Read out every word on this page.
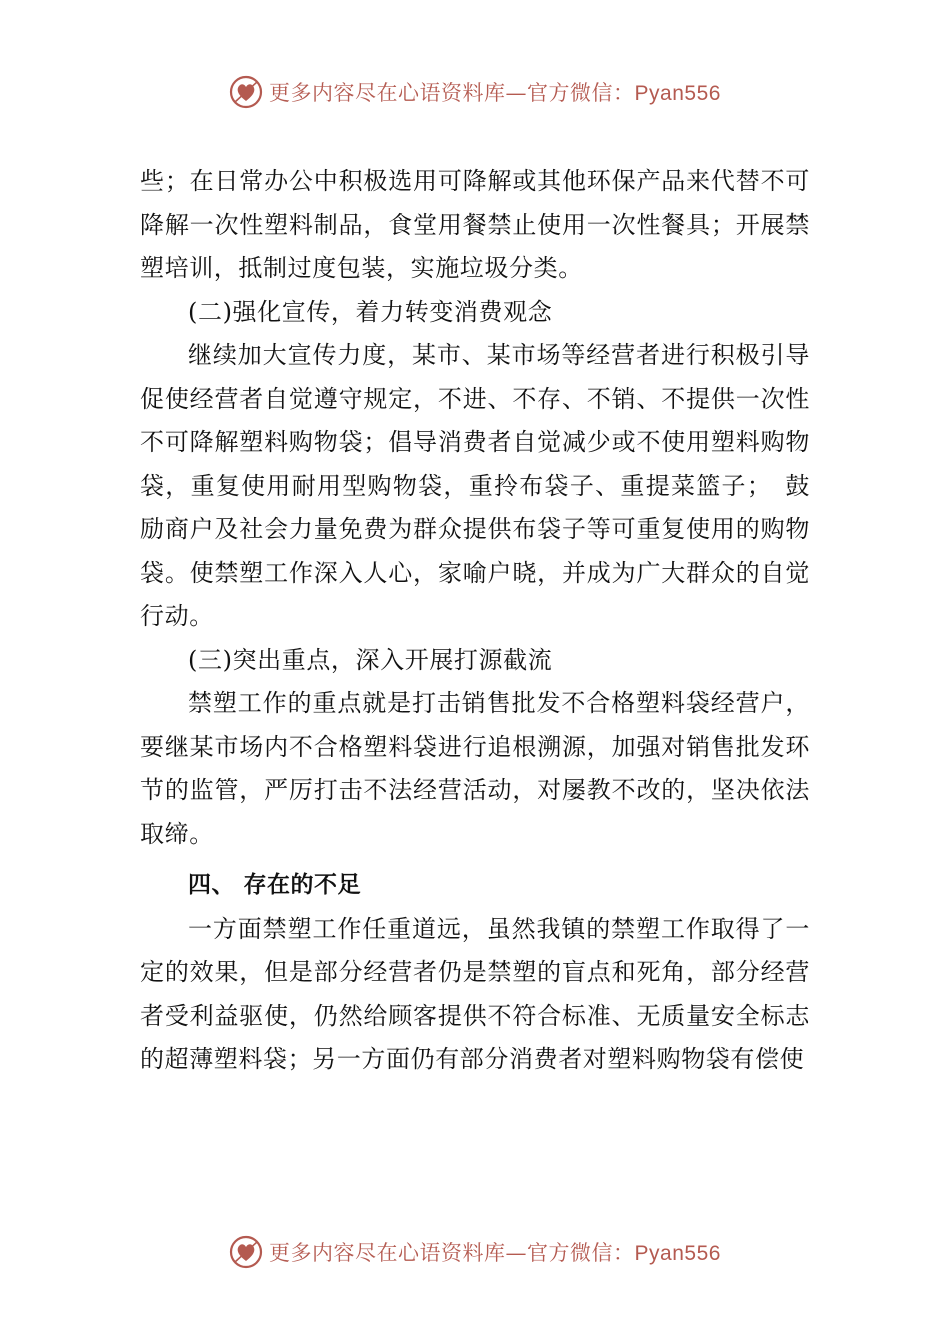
更多内容尽在心语资料库—官方微信：Pyan556

些；在日常办公中积极选用可降解或其他环保产品来代替不可降解一次性塑料制品，食堂用餐禁止使用一次性餐具；开展禁塑培训，抵制过度包装，实施垃圾分类。

(二)强化宣传，着力转变消费观念

继续加大宣传力度，某市、某市场等经营者进行积极引导促使经营者自觉遵守规定，不进、不存、不销、不提供一次性不可降解塑料购物袋；倡导消费者自觉减少或不使用塑料购物袋，重复使用耐用型购物袋，重拎布袋子、重提菜篮子；　鼓励商户及社会力量免费为群众提供布袋子等可重复使用的购物袋。使禁塑工作深入人心，家喻户晓，并成为广大群众的自觉行动。

(三)突出重点，深入开展打源截流

禁塑工作的重点就是打击销售批发不合格塑料袋经营户，要继某市场内不合格塑料袋进行追根溯源，加强对销售批发环节的监管，严厉打击不法经营活动，对屡教不改的，坚决依法取缔。

四、 存在的不足

一方面禁塑工作任重道远，虽然我镇的禁塑工作取得了一定的效果，但是部分经营者仍是禁塑的盲点和死角，部分经营者受利益驱使，仍然给顾客提供不符合标准、无质量安全标志的超薄塑料袋；另一方面仍有部分消费者对塑料购物袋有偿使

更多内容尽在心语资料库—官方微信：Pyan556
